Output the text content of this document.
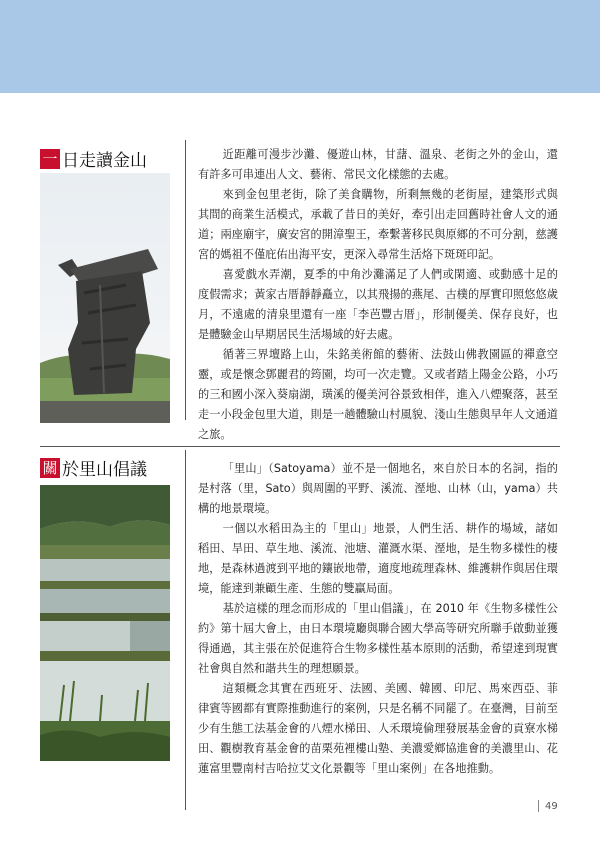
一 日走讀金山	近距離可漫步沙灘、優遊山林，甘藷、溫泉、老街之外的金山，還有許多可串連出人文、藝術、常民文化樣態的去處。

來到金包里老街，除了美食購物，所剩無幾的老街屋，建築形式與其間的商業生活模式，承載了昔日的美好，牽引出走回舊時社會人文的通道；兩座廟宇，廣安宮的開漳聖王，牽繫著移民與原鄉的不可分割，慈護宮的媽祖不僅庇佑出海平安，更深入尋常生活烙下斑斑印記。

喜愛戲水弄潮，夏季的中角沙灘滿足了人們或閑適、或動感十足的度假需求；黃家古厝靜靜矗立，以其飛揚的燕尾、古樸的厚實印照悠悠歲月，不遠處的清泉里還有一座「李芭豐古厝」，形制優美、保存良好，也是體驗金山早期居民生活場域的好去處。

循著三界壇路上山，朱銘美術館的藝術、法鼓山佛教園區的禪意空靈，或是懷念鄧麗君的筠園，均可一次走覽。又或者踏上陽金公路，小巧的三和國小深入葵扇湖，璜溪的優美河谷景致相伴，進入八煙聚落，甚至走一小段金包里大道，則是一趟體驗山村風貌、淺山生態與早年人文通道之旅。

關 於里山倡議	「里山」（Satoyama）並不是一個地名，來自於日本的名詞，指的是村落（里，Sato）與周圍的平野、溪流、溼地、山林（山，yama）共構的地景環境。

一個以水稻田為主的「里山」地景，人們生活、耕作的場域，諸如稻田、旱田、草生地、溪流、池塘、灌溉水渠、溼地，是生物多樣性的棲地，是森林過渡到平地的鑲嵌地帶，適度地疏理森林、維護耕作與居住環境，能達到兼顧生產、生態的雙贏局面。

基於這樣的理念而形成的「里山倡議」，在 2010 年《生物多樣性公約》第十屆大會上，由日本環境廳與聯合國大學高等研究所聯手啟動並獲得通過，其主張在於促進符合生物多樣性基本原則的活動，希望達到現實社會與自然和諧共生的理想願景。

這類概念其實在西班牙、法國、美國、韓國、印尼、馬來西亞、菲律賓等國都有實際推動進行的案例，只是名稱不同罷了。在臺灣，目前至少有生態工法基金會的八煙水梯田、人禾環境倫理發展基金會的貢寮水梯田、觀樹教育基金會的苗栗苑裡樓山塾、美濃愛鄉協進會的美濃里山、花蓮富里豐南村吉哈拉艾文化景觀等「里山案例」在各地推動。

49
